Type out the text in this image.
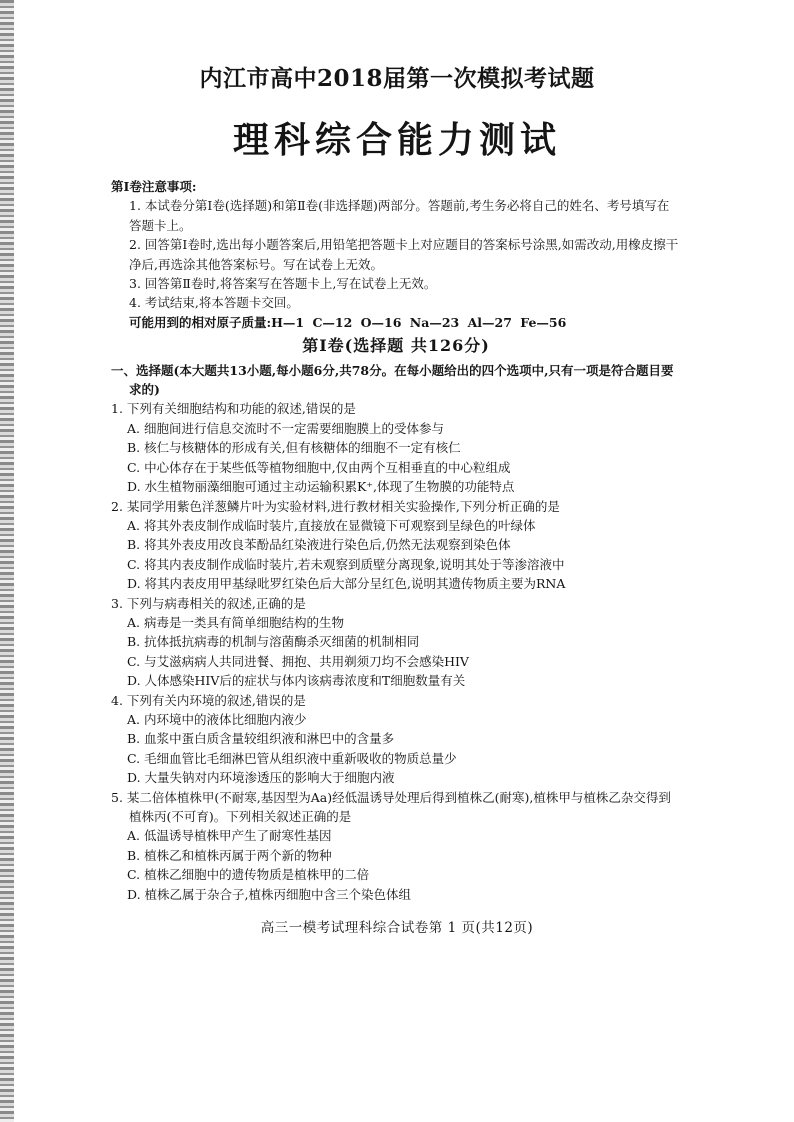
内江市高中2018届第一次模拟考试题
理科综合能力测试

第Ⅰ卷注意事项:

1. 本试卷分第Ⅰ卷(选择题)和第Ⅱ卷(非选择题)两部分。答题前,考生务必将自己的姓名、考号填写在答题卡上。

2. 回答第Ⅰ卷时,选出每小题答案后,用铅笔把答题卡上对应题目的答案标号涂黑,如需改动,用橡皮擦干净后,再选涂其他答案标号。写在试卷上无效。

3. 回答第Ⅱ卷时,将答案写在答题卡上,写在试卷上无效。

4. 考试结束,将本答题卡交回。

可能用到的相对原子质量:H—1 C—12 O—16 Na—23 Al—27 Fe—56

第Ⅰ卷(选择题 共126分)

一、选择题(本大题共13小题,每小题6分,共78分。在每小题给出的四个选项中,只有一项是符合题目要求的)

1. 下列有关细胞结构和功能的叙述,错误的是

A. 细胞间进行信息交流时不一定需要细胞膜上的受体参与

B. 核仁与核糖体的形成有关,但有核糖体的细胞不一定有核仁

C. 中心体存在于某些低等植物细胞中,仅由两个互相垂直的中心粒组成

D. 水生植物丽藻细胞可通过主动运输积累K⁺,体现了生物膜的功能特点

2. 某同学用紫色洋葱鳞片叶为实验材料,进行教材相关实验操作,下列分析正确的是

A. 将其外表皮制作成临时装片,直接放在显微镜下可观察到呈绿色的叶绿体

B. 将其外表皮用改良苯酚品红染液进行染色后,仍然无法观察到染色体

C. 将其内表皮制作成临时装片,若未观察到质壁分离现象,说明其处于等渗溶液中

D. 将其内表皮用甲基绿吡罗红染色后大部分呈红色,说明其遗传物质主要为RNA

3. 下列与病毒相关的叙述,正确的是

A. 病毒是一类具有简单细胞结构的生物

B. 抗体抵抗病毒的机制与溶菌酶杀灭细菌的机制相同

C. 与艾滋病病人共同进餐、拥抱、共用剃须刀均不会感染HIV

D. 人体感染HIV后的症状与体内该病毒浓度和T细胞数量有关

4. 下列有关内环境的叙述,错误的是

A. 内环境中的液体比细胞内液少

B. 血浆中蛋白质含量较组织液和淋巴中的含量多

C. 毛细血管比毛细淋巴管从组织液中重新吸收的物质总量少

D. 大量失钠对内环境渗透压的影响大于细胞内液

5. 某二倍体植株甲(不耐寒,基因型为Aa)经低温诱导处理后得到植株乙(耐寒),植株甲与植株乙杂交得到植株丙(不可育)。下列相关叙述正确的是

A. 低温诱导植株甲产生了耐寒性基因

B. 植株乙和植株丙属于两个新的物种

C. 植株乙细胞中的遗传物质是植株甲的二倍

D. 植株乙属于杂合子,植株丙细胞中含三个染色体组

高三一模考试理科综合试卷第 1 页(共12页)
